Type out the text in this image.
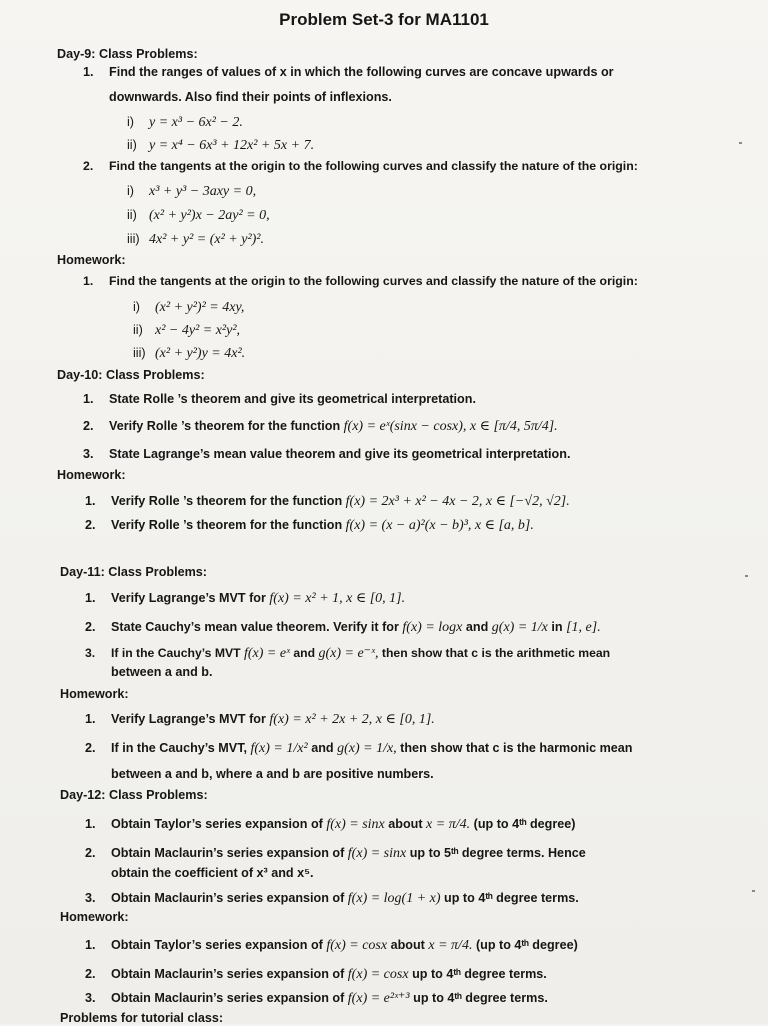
Problem Set-3 for MA1101
Day-9: Class Problems:
1. Find the ranges of values of x in which the following curves are concave upwards or
downwards. Also find their points of inflexions.
i) y = x³ − 6x² − 2.
ii) y = x⁴ − 6x³ + 12x² + 5x + 7.
2. Find the tangents at the origin to the following curves and classify the nature of the origin:
i) x³ + y³ − 3axy = 0,
ii) (x² + y²)x − 2ay² = 0,
iii) 4x² + y² = (x² + y²)².
Homework:
1. Find the tangents at the origin to the following curves and classify the nature of the origin:
i) (x² + y²)² = 4xy,
ii) x² − 4y² = x²y²,
iii) (x² + y²)y = 4x².
Day-10: Class Problems:
1. State Rolle ’s theorem and give its geometrical interpretation.
2. Verify Rolle ’s theorem for the function f(x) = eˣ(sinx − cosx), x ∈ [π/4, 5π/4].
3. State Lagrange’s mean value theorem and give its geometrical interpretation.
Homework:
1. Verify Rolle ’s theorem for the function f(x) = 2x³ + x² − 4x − 2, x ∈ [−√2, √2].
2. Verify Rolle ’s theorem for the function f(x) = (x − a)²(x − b)³, x ∈ [a, b].
Day-11: Class Problems:
1. Verify Lagrange’s MVT for f(x) = x² + 1, x ∈ [0, 1].
2. State Cauchy’s mean value theorem. Verify it for f(x) = logx and g(x) = 1/x in [1, e].
3. If in the Cauchy’s MVT f(x) = eˣ and g(x) = e⁻ˣ, then show that c is the arithmetic mean
between a and b.
Homework:
1. Verify Lagrange’s MVT for f(x) = x² + 2x + 2, x ∈ [0, 1].
2. If in the Cauchy’s MVT, f(x) = 1/x² and g(x) = 1/x, then show that c is the harmonic mean
between a and b, where a and b are positive numbers.
Day-12: Class Problems:
1. Obtain Taylor’s series expansion of f(x) = sinx about x = π/4. (up to 4ᵗʰ degree)
2. Obtain Maclaurin’s series expansion of f(x) = sinx up to 5ᵗʰ degree terms. Hence
obtain the coefficient of x³ and x⁵.
3. Obtain Maclaurin’s series expansion of f(x) = log(1 + x) up to 4ᵗʰ degree terms.
Homework:
1. Obtain Taylor’s series expansion of f(x) = cosx about x = π/4. (up to 4ᵗʰ degree)
2. Obtain Maclaurin’s series expansion of f(x) = cosx up to 4ᵗʰ degree terms.
3. Obtain Maclaurin’s series expansion of f(x) = e²ˣ⁺³ up to 4ᵗʰ degree terms.
Problems for tutorial class:
